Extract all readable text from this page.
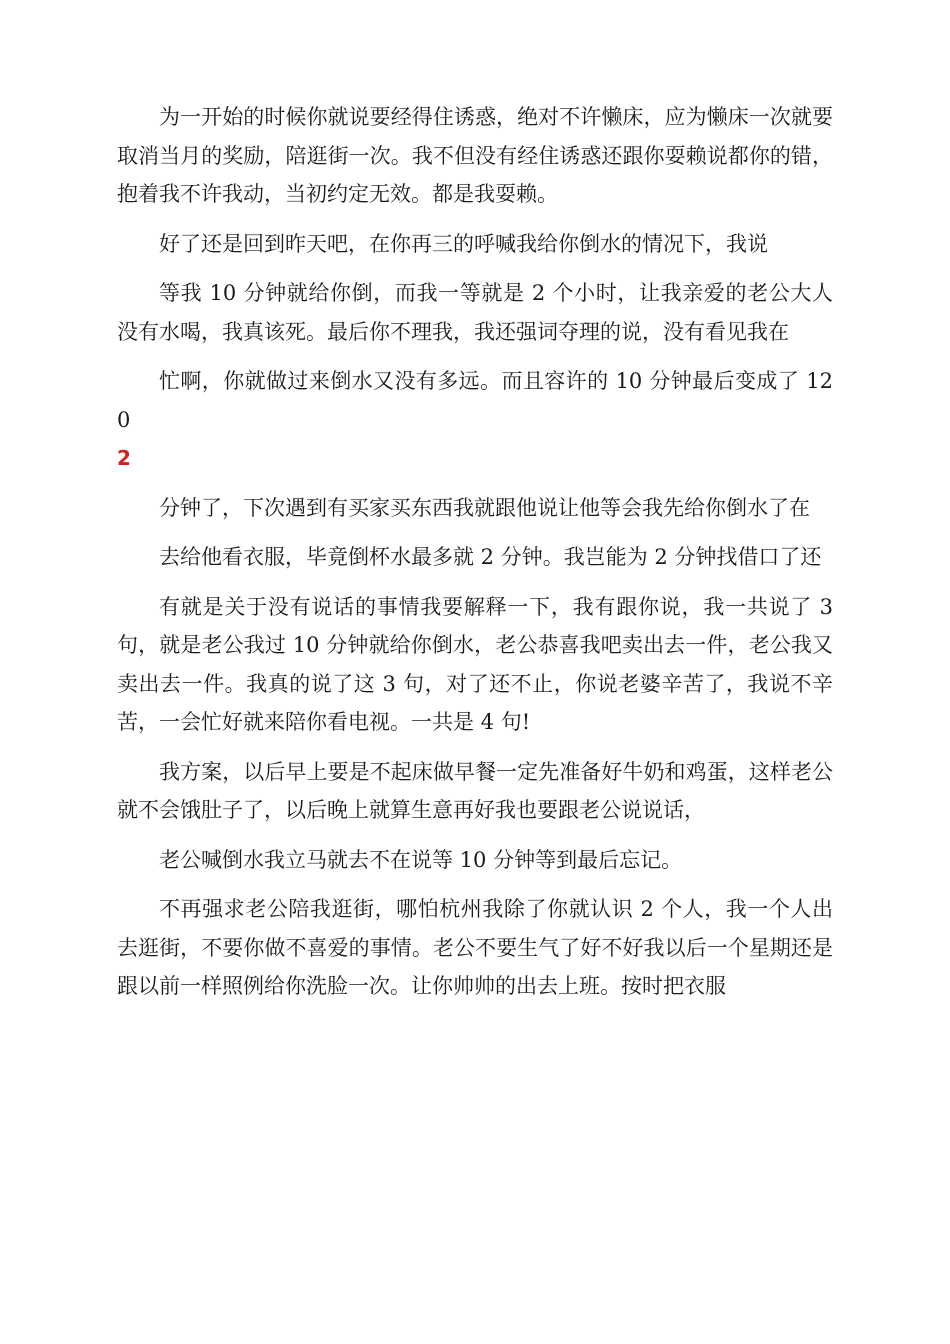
为一开始的时候你就说要经得住诱惑，绝对不许懒床，应为懒床一次就要取消当月的奖励，陪逛街一次。我不但没有经住诱惑还跟你耍赖说都你的错，抱着我不许我动，当初约定无效。都是我耍赖。

好了还是回到昨天吧，在你再三的呼喊我给你倒水的情况下，我说

等我 10 分钟就给你倒，而我一等就是 2 个小时，让我亲爱的老公大人没有水喝，我真该死。最后你不理我，我还强词夺理的说，没有看见我在

忙啊，你就做过来倒水又没有多远。而且容许的 10 分钟最后变成了 120

2

分钟了，下次遇到有买家买东西我就跟他说让他等会我先给你倒水了在

去给他看衣服，毕竟倒杯水最多就 2 分钟。我岂能为 2 分钟找借口了还

有就是关于没有说话的事情我要解释一下，我有跟你说，我一共说了 3 句，就是老公我过 10 分钟就给你倒水，老公恭喜我吧卖出去一件，老公我又卖出去一件。我真的说了这 3 句，对了还不止，你说老婆辛苦了，我说不辛苦，一会忙好就来陪你看电视。一共是 4 句!

我方案，以后早上要是不起床做早餐一定先准备好牛奶和鸡蛋，这样老公就不会饿肚子了，以后晚上就算生意再好我也要跟老公说说话，

老公喊倒水我立马就去不在说等 10 分钟等到最后忘记。

不再强求老公陪我逛街，哪怕杭州我除了你就认识 2 个人，我一个人出去逛街，不要你做不喜爱的事情。老公不要生气了好不好我以后一个星期还是跟以前一样照例给你洗脸一次。让你帅帅的出去上班。按时把衣服
